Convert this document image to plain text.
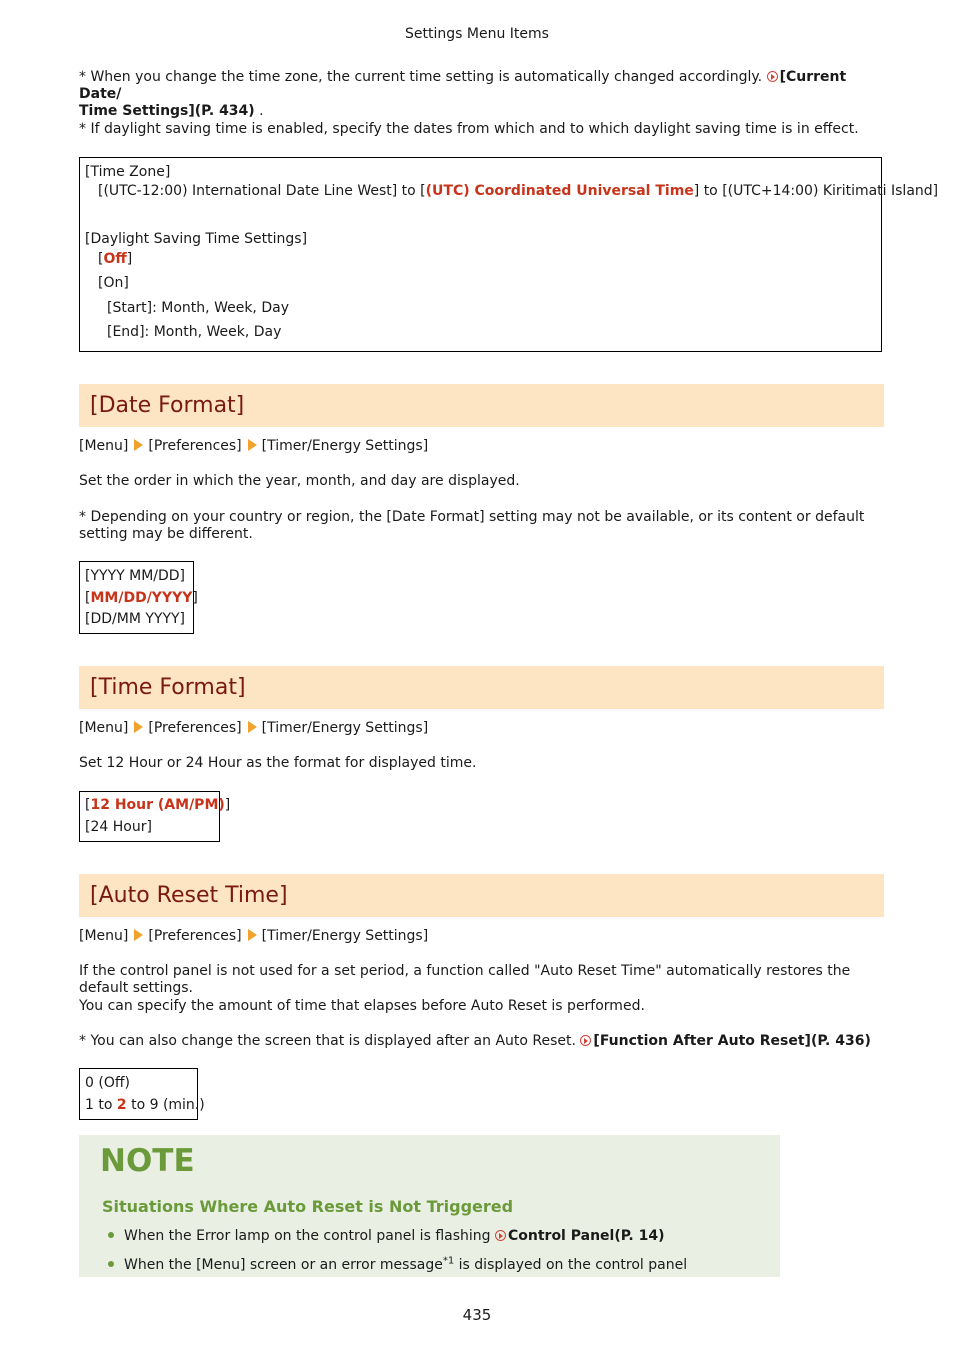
Settings Menu Items

* When you change the time zone, the current time setting is automatically changed accordingly. [Current Date/
Time Settings](P. 434) .

* If daylight saving time is enabled, specify the dates from which and to which daylight saving time is in effect.

[Time Zone]
[(UTC-12:00) International Date Line West] to [(UTC) Coordinated Universal Time] to [(UTC+14:00) Kiritimati Island]
[Daylight Saving Time Settings]
[Off]
[On]
[Start]: Month, Week, Day
[End]: Month, Week, Day
[Date Format]

[Menu] [Preferences] [Timer/Energy Settings]

Set the order in which the year, month, and day are displayed.

* Depending on your country or region, the [Date Format] setting may not be available, or its content or default setting may be different.

[YYYY MM/DD]
[MM/DD/YYYY]
[DD/MM YYYY]
[Time Format]

[Menu] [Preferences] [Timer/Energy Settings]

Set 12 Hour or 24 Hour as the format for displayed time.

[12 Hour (AM/PM)]
[24 Hour]
[Auto Reset Time]

[Menu] [Preferences] [Timer/Energy Settings]

If the control panel is not used for a set period, a function called "Auto Reset Time" automatically restores the default settings.

You can specify the amount of time that elapses before Auto Reset is performed.

* You can also change the screen that is displayed after an Auto Reset. [Function After Auto Reset](P. 436)

0 (Off)
1 to 2 to 9 (min.)
NOTE
Situations Where Auto Reset is Not Triggered
When the Error lamp on the control panel is flashing Control Panel(P. 14)
When the [Menu] screen or an error message$^{*1}$ is displayed on the control panel
435
